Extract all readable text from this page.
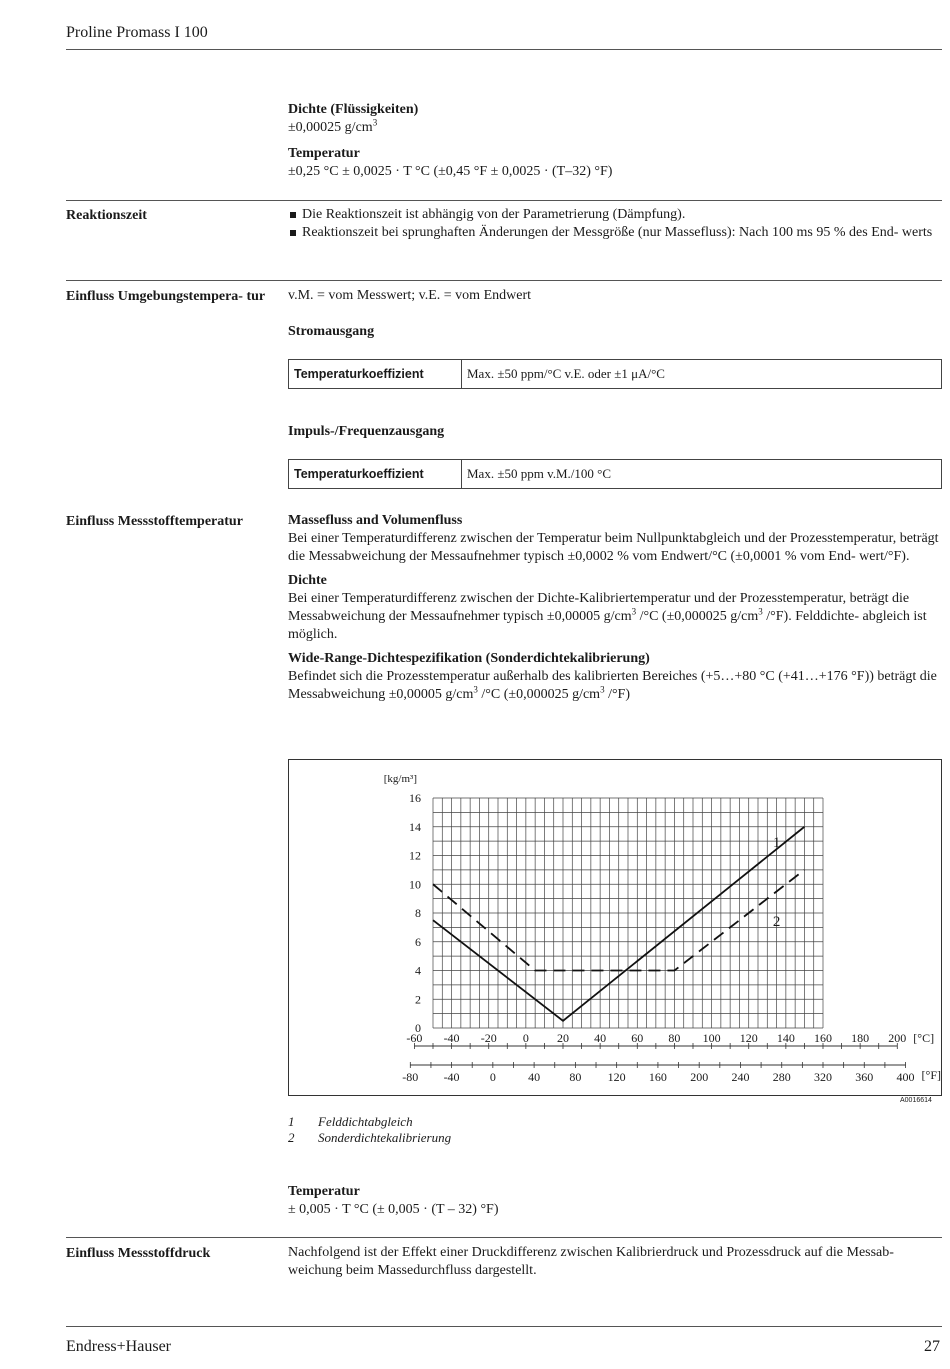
Proline Promass I 100
Dichte (Flüssigkeiten)
±0,00025 $g/cm^3$
Temperatur
±0,25 °C ± 0,0025 · T °C (±0,45 °F ± 0,0025 · (T–32) °F)
Reaktionszeit	Die Reaktionszeit ist abhängig von der Parametrierung (Dämpfung).
Reaktionszeit bei sprunghaften Änderungen der Messgröße (nur Massefluss): Nach 100 ms 95 % des End- werts
Einfluss Umgebungstempera- tur	v.M. = vom Messwert; v.E. = vom Endwert
Stromausgang
Temperaturkoeffizient	Max. ±50 ppm/°C v.E. oder ±1 μA/°C
Impuls-/Frequenzausgang
Temperaturkoeffizient	Max. ±50 ppm v.M./100 °C
Einfluss Messstofftemperatur	Massefluss and Volumenfluss
Bei einer Temperaturdifferenz zwischen der Temperatur beim Nullpunktabgleich und der Prozesstemperatur, beträgt die Messabweichung der Messaufnehmer typisch ±0,0002 % vom Endwert/°C (±0,0001 % vom End- wert/°F).
Dichte
Bei einer Temperaturdifferenz zwischen der Dichte-Kalibriertemperatur und der Prozesstemperatur, beträgt die Messabweichung der Messaufnehmer typisch ±0,00005 $g/cm^3$ /°C (±0,000025 $g/cm^3$ /°F). Felddichte- abgleich ist möglich.
Wide-Range-Dichtespezifikation (Sonderdichtekalibrierung)
Befindet sich die Prozesstemperatur außerhalb des kalibrierten Bereiches (+5…+80 °C (+41…+176 °F)) beträgt die Messabweichung ±0,00005 $g/cm^3$ /°C (±0,000025 $g/cm^3$ /°F)
0
2
4
6
8
10
12
14
16
[kg/m³]
-60 -40 -20 0 20 40 60 80 100 120 140 160 180 200 [°C]
-80 -40	0	40 80 120 160 200 240 280 320 360 400 [°F]
1
2
A0016614
1 Felddichtabgleich
2 Sonderdichtekalibrierung
Temperatur
± 0,005 · T °C (± 0,005 · (T – 32) °F)
Einfluss Messstoffdruck	Nachfolgend ist der Effekt einer Druckdifferenz zwischen Kalibrierdruck und Prozessdruck auf die Messab- weichung beim Massedurchfluss dargestellt.
Endress+Hauser	27
